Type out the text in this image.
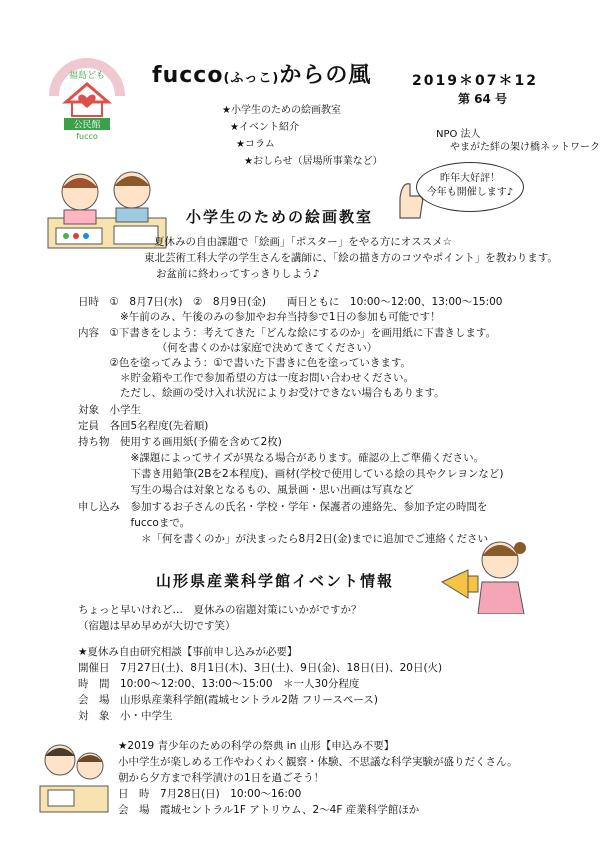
福島ども
公民館
fucco
fucco(ふっこ)からの風	2019＊07＊12
第 64 号
★小学生のための絵画教室
★イベント紹介
★コラム
★おしらせ（居場所事業など）
NPO 法人
やまがた絆の架け橋ネットワーク
小学生のための絵画教室
昨年大好評！
今年も開催します♪
夏休みの自由課題で「絵画」「ポスター」をやる方にオススメ☆
東北芸術工科大学の学生さんを講師に、「絵の描き方のコツやポイント」を教わります。
お盆前に終わってすっきりしよう♪
日時　①　8月7日(水)　②　8月9日(金)　　両日ともに　10:00～12:00、13:00～15:00
　　　　※午前のみ、午後のみの参加やお弁当持参で1日の参加も可能です！
内容　①下書きをしよう：考えてきた「どんな絵にするのか」を画用紙に下書きします。
　　　　　　　　（何を書くのかは家庭で決めてきてください）
　　　②色を塗ってみよう：①で書いた下書きに色を塗っていきます。
　　　　＊貯金箱や工作で参加希望の方は一度お問い合わせください。
　　　　ただし、絵画の受け入れ状況によりお受けできない場合もあります。
対象　小学生
定員　各回5名程度(先着順)
持ち物　使用する画用紙(予備を含めて2枚)
　　　　　※課題によってサイズが異なる場合があります。確認の上ご準備ください。
　　　　　下書き用鉛筆(2Bを2本程度)、画材(学校で使用している絵の具やクレヨンなど)
　　　　　写生の場合は対象となるもの、風景画・思い出画は写真など
申し込み　参加するお子さんの氏名・学校・学年・保護者の連絡先、参加予定の時間を
　　　　　fuccoまで。
　　　　　　＊「何を書くのか」が決まったら8月2日(金)までに追加でご連絡ください
山形県産業科学館イベント情報
ちょっと早いけれど…　夏休みの宿題対策にいかがですか？
（宿題は早め早めが大切です笑）
★夏休み自由研究相談【事前申し込みが必要】
開催日　7月27日(土)、8月1日(木)、3日(土)、9日(金)、18日(日)、20日(火)
時　間　10:00～12:00、13:00～15:00　＊一人30分程度
会　場　山形県産業科学館(霞城セントラル2階 フリースペース)
対　象　小・中学生
★2019 青少年のための科学の祭典 in 山形【申込み不要】
小中学生が楽しめる工作やわくわく観察・体験、不思議な科学実験が盛りだくさん。
朝から夕方まで科学漬けの1日を過ごそう！
日　時　7月28日(日)　10:00～16:00
会　場　霞城セントラル1F アトリウム、2～4F 産業科学館ほか
